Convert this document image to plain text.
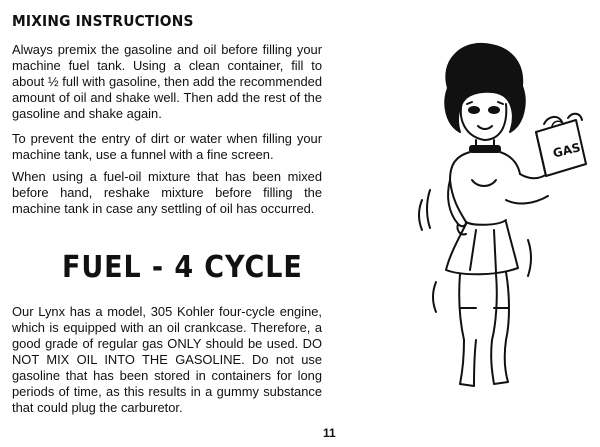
MIXING INSTRUCTIONS

Always premix the gasoline and oil before filling your machine fuel tank. Using a clean container, fill to about ½ full with gasoline, then add the recommended amount of oil and shake well. Then add the rest of the gasoline and shake again.

To prevent the entry of dirt or water when filling your machine tank, use a funnel with a fine screen.

When using a fuel-oil mixture that has been mixed before hand, reshake mixture before filling the machine tank in case any settling of oil has occurred.

FUEL - 4 CYCLE

Our Lynx has a model, 305 Kohler four-cycle engine, which is equipped with an oil crankcase. Therefore, a good grade of regular gas ONLY should be used. DO NOT MIX OIL INTO THE GASOLINE. Do not use gasoline that has been stored in containers for long periods of time, as this results in a gummy substance that could plug the carburetor.

GAS
11
